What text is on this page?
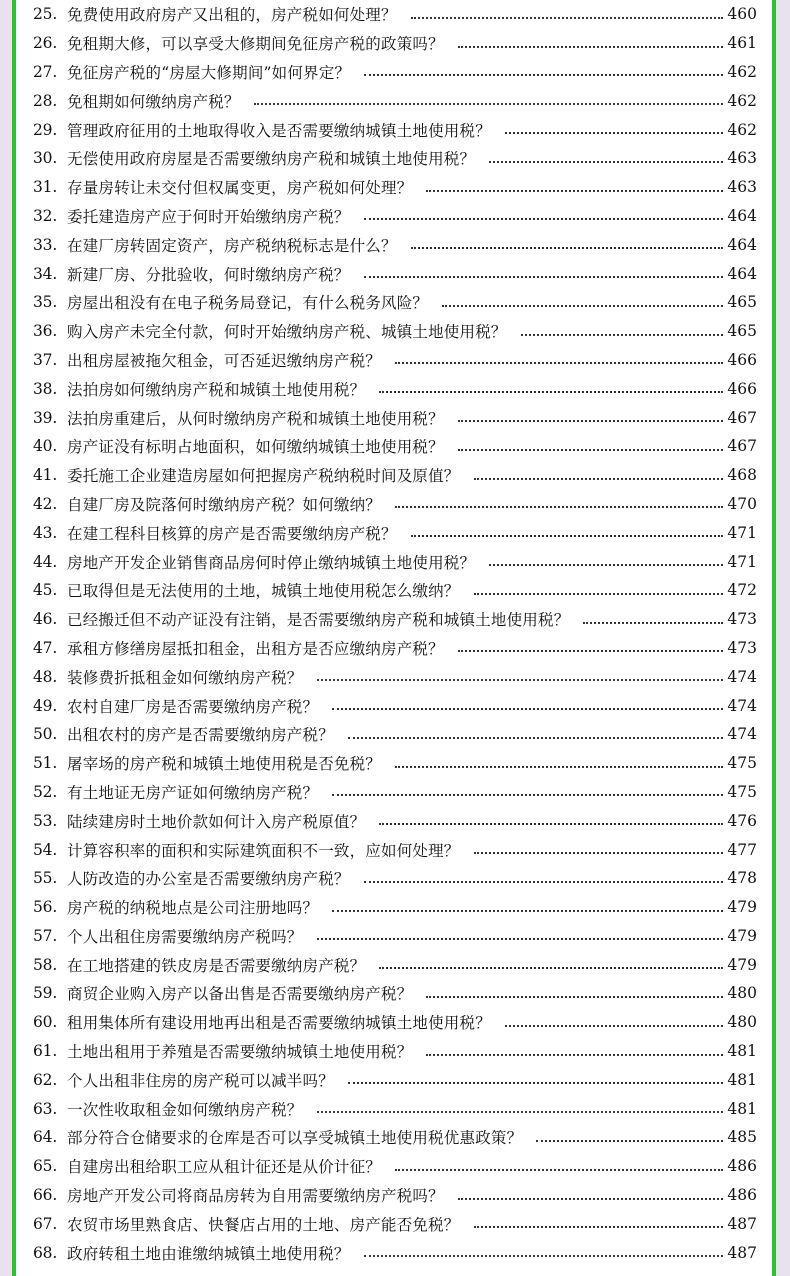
25. 免费使用政府房产又出租的，房产税如何处理？	460
26. 免租期大修，可以享受大修期间免征房产税的政策吗？	461
27. 免征房产税的“房屋大修期间”如何界定？	462
28. 免租期如何缴纳房产税？	462
29. 管理政府征用的土地取得收入是否需要缴纳城镇土地使用税？	462
30. 无偿使用政府房屋是否需要缴纳房产税和城镇土地使用税？	463
31. 存量房转让未交付但权属变更，房产税如何处理？	463
32. 委托建造房产应于何时开始缴纳房产税？	464
33. 在建厂房转固定资产，房产税纳税标志是什么？	464
34. 新建厂房、分批验收，何时缴纳房产税？	464
35. 房屋出租没有在电子税务局登记，有什么税务风险？	465
36. 购入房产未完全付款，何时开始缴纳房产税、城镇土地使用税？	465
37. 出租房屋被拖欠租金，可否延迟缴纳房产税？	466
38. 法拍房如何缴纳房产税和城镇土地使用税？	466
39. 法拍房重建后，从何时缴纳房产税和城镇土地使用税？	467
40. 房产证没有标明占地面积，如何缴纳城镇土地使用税？	467
41. 委托施工企业建造房屋如何把握房产税纳税时间及原值？	468
42. 自建厂房及院落何时缴纳房产税？如何缴纳？	470
43. 在建工程科目核算的房产是否需要缴纳房产税？	471
44. 房地产开发企业销售商品房何时停止缴纳城镇土地使用税？	471
45. 已取得但是无法使用的土地，城镇土地使用税怎么缴纳？	472
46. 已经搬迁但不动产证没有注销，是否需要缴纳房产税和城镇土地使用税？	473
47. 承租方修缮房屋抵扣租金，出租方是否应缴纳房产税？	473
48. 装修费折抵租金如何缴纳房产税？	474
49. 农村自建厂房是否需要缴纳房产税？	474
50. 出租农村的房产是否需要缴纳房产税？	474
51. 屠宰场的房产税和城镇土地使用税是否免税？	475
52. 有土地证无房产证如何缴纳房产税？	475
53. 陆续建房时土地价款如何计入房产税原值？	476
54. 计算容积率的面积和实际建筑面积不一致，应如何处理？	477
55. 人防改造的办公室是否需要缴纳房产税？	478
56. 房产税的纳税地点是公司注册地吗？	479
57. 个人出租住房需要缴纳房产税吗？	479
58. 在工地搭建的铁皮房是否需要缴纳房产税？	479
59. 商贸企业购入房产以备出售是否需要缴纳房产税？	480
60. 租用集体所有建设用地再出租是否需要缴纳城镇土地使用税？	480
61. 土地出租用于养殖是否需要缴纳城镇土地使用税？	481
62. 个人出租非住房的房产税可以减半吗？	481
63. 一次性收取租金如何缴纳房产税？	481
64. 部分符合仓储要求的仓库是否可以享受城镇土地使用税优惠政策？	485
65. 自建房出租给职工应从租计征还是从价计征？	486
66. 房地产开发公司将商品房转为自用需要缴纳房产税吗？	486
67. 农贸市场里熟食店、快餐店占用的土地、房产能否免税？	487
68. 政府转租土地由谁缴纳城镇土地使用税？	487
